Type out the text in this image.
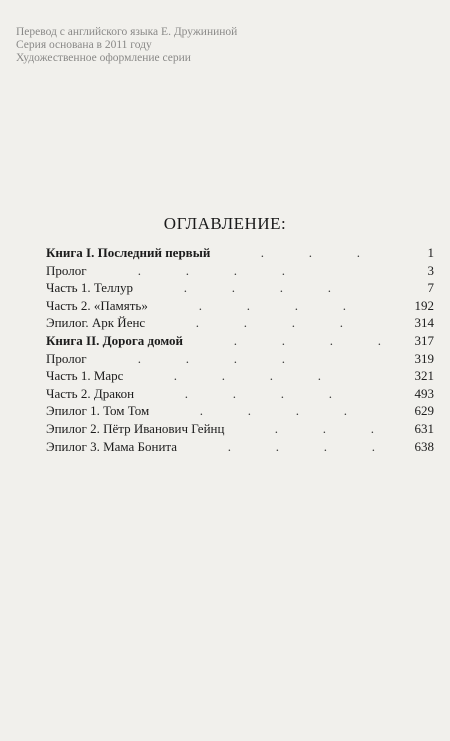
Перевод с английского языка Е. Дружининой
Серия основана в 2011 году
Художественное оформление серии
ОГЛАВЛЕНИЕ:
Книга I. Последний первый	.	.	.	1
Пролог	.	.	.	.	3
Часть 1. Теллур	.	.	.	.	7
Часть 2. «Память»	.	.	.	.	192
Эпилог. Арк Йенс	.	.	.	.	314
Книга II. Дорога домой	.	.	.	.	317
Пролог	.	.	.	.	319
Часть 1. Марс	.	.	.	.	321
Часть 2. Дракон	.	.	.	.	493
Эпилог 1. Том Том	.	.	.	.	629
Эпилог 2. Пётр Иванович Гейнц	.	.	.	631
Эпилог 3. Мама Бонита	.	.	.	.	638
